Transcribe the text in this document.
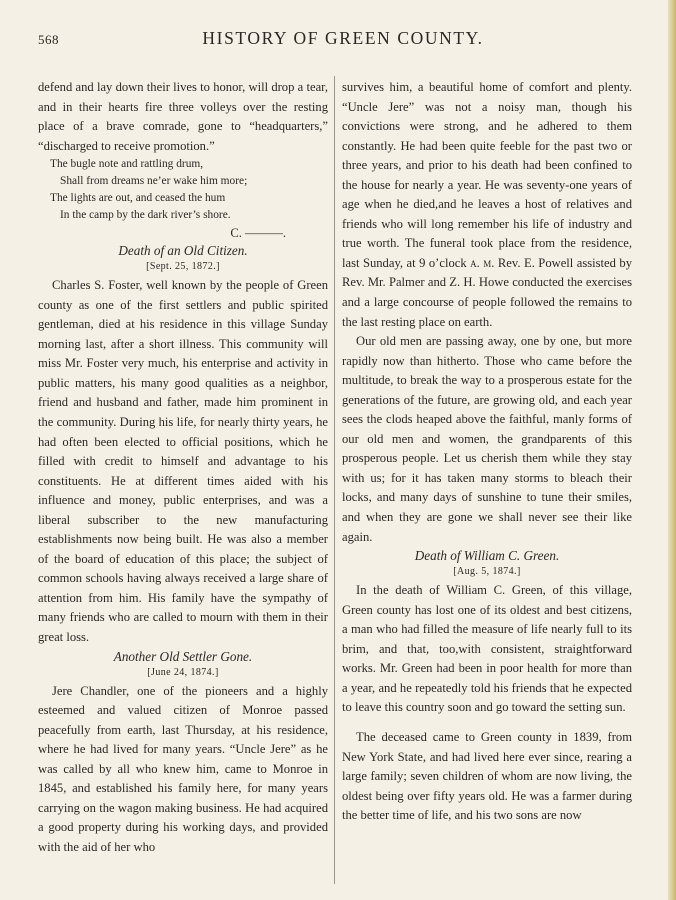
568	HISTORY OF GREEN COUNTY.

defend and lay down their lives to honor, will drop a tear, and in their hearts fire three volleys over the resting place of a brave comrade, gone to “headquarters,” “discharged to receive promotion.”

The bugle note and rattling drum,
Shall from dreams ne’er wake him more;
The lights are out, and ceased the hum
In the camp by the dark river’s shore.
C. ———.
Death of an Old Citizen.
[Sept. 25, 1872.]

Charles S. Foster, well known by the people of Green county as one of the first settlers and public spirited gentleman, died at his residence in this village Sunday morning last, after a short illness. This community will miss Mr. Foster very much, his enterprise and activity in public matters, his many good qualities as a neighbor, friend and husband and father, made him prominent in the community. During his life, for nearly thirty years, he had often been elected to official positions, which he filled with credit to himself and advantage to his constituents. He at different times aided with his influence and money, public enterprises, and was a liberal subscriber to the new manufacturing establishments now being built. He was also a member of the board of education of this place; the subject of common schools having always received a large share of attention from him. His family have the sympathy of many friends who are called to mourn with them in their great loss.

Another Old Settler Gone.
[June 24, 1874.]

Jere Chandler, one of the pioneers and a highly esteemed and valued citizen of Monroe passed peacefully from earth, last Thursday, at his residence, where he had lived for many years. “Uncle Jere” as he was called by all who knew him, came to Monroe in 1845, and established his family here, for many years carrying on the wagon making business. He had acquired a good property during his working days, and provided with the aid of her who

survives him, a beautiful home of comfort and plenty. “Uncle Jere” was not a noisy man, though his convictions were strong, and he adhered to them constantly. He had been quite feeble for the past two or three years, and prior to his death had been confined to the house for nearly a year. He was seventy-one years of age when he died,and he leaves a host of relatives and friends who will long remember his life of industry and true worth. The funeral took place from the residence, last Sunday, at 9 o’clock a. m. Rev. E. Powell assisted by Rev. Mr. Palmer and Z. H. Howe conducted the exercises and a large concourse of people followed the remains to the last resting place on earth.

Our old men are passing away, one by one, but more rapidly now than hitherto. Those who came before the multitude, to break the way to a prosperous estate for the generations of the future, are growing old, and each year sees the clods heaped above the faithful, manly forms of our old men and women, the grandparents of this prosperous people. Let us cherish them while they stay with us; for it has taken many storms to bleach their locks, and many days of sunshine to tune their smiles, and when they are gone we shall never see their like again.

Death of William C. Green.
[Aug. 5, 1874.]

In the death of William C. Green, of this village, Green county has lost one of its oldest and best citizens, a man who had filled the measure of life nearly full to its brim, and that, too,with consistent, straightforward works. Mr. Green had been in poor health for more than a year, and he repeatedly told his friends that he expected to leave this country soon and go toward the setting sun.

The deceased came to Green county in 1839, from New York State, and had lived here ever since, rearing a large family; seven children of whom are now living, the oldest being over fifty years old. He was a farmer during the better time of life, and his two sons are now
